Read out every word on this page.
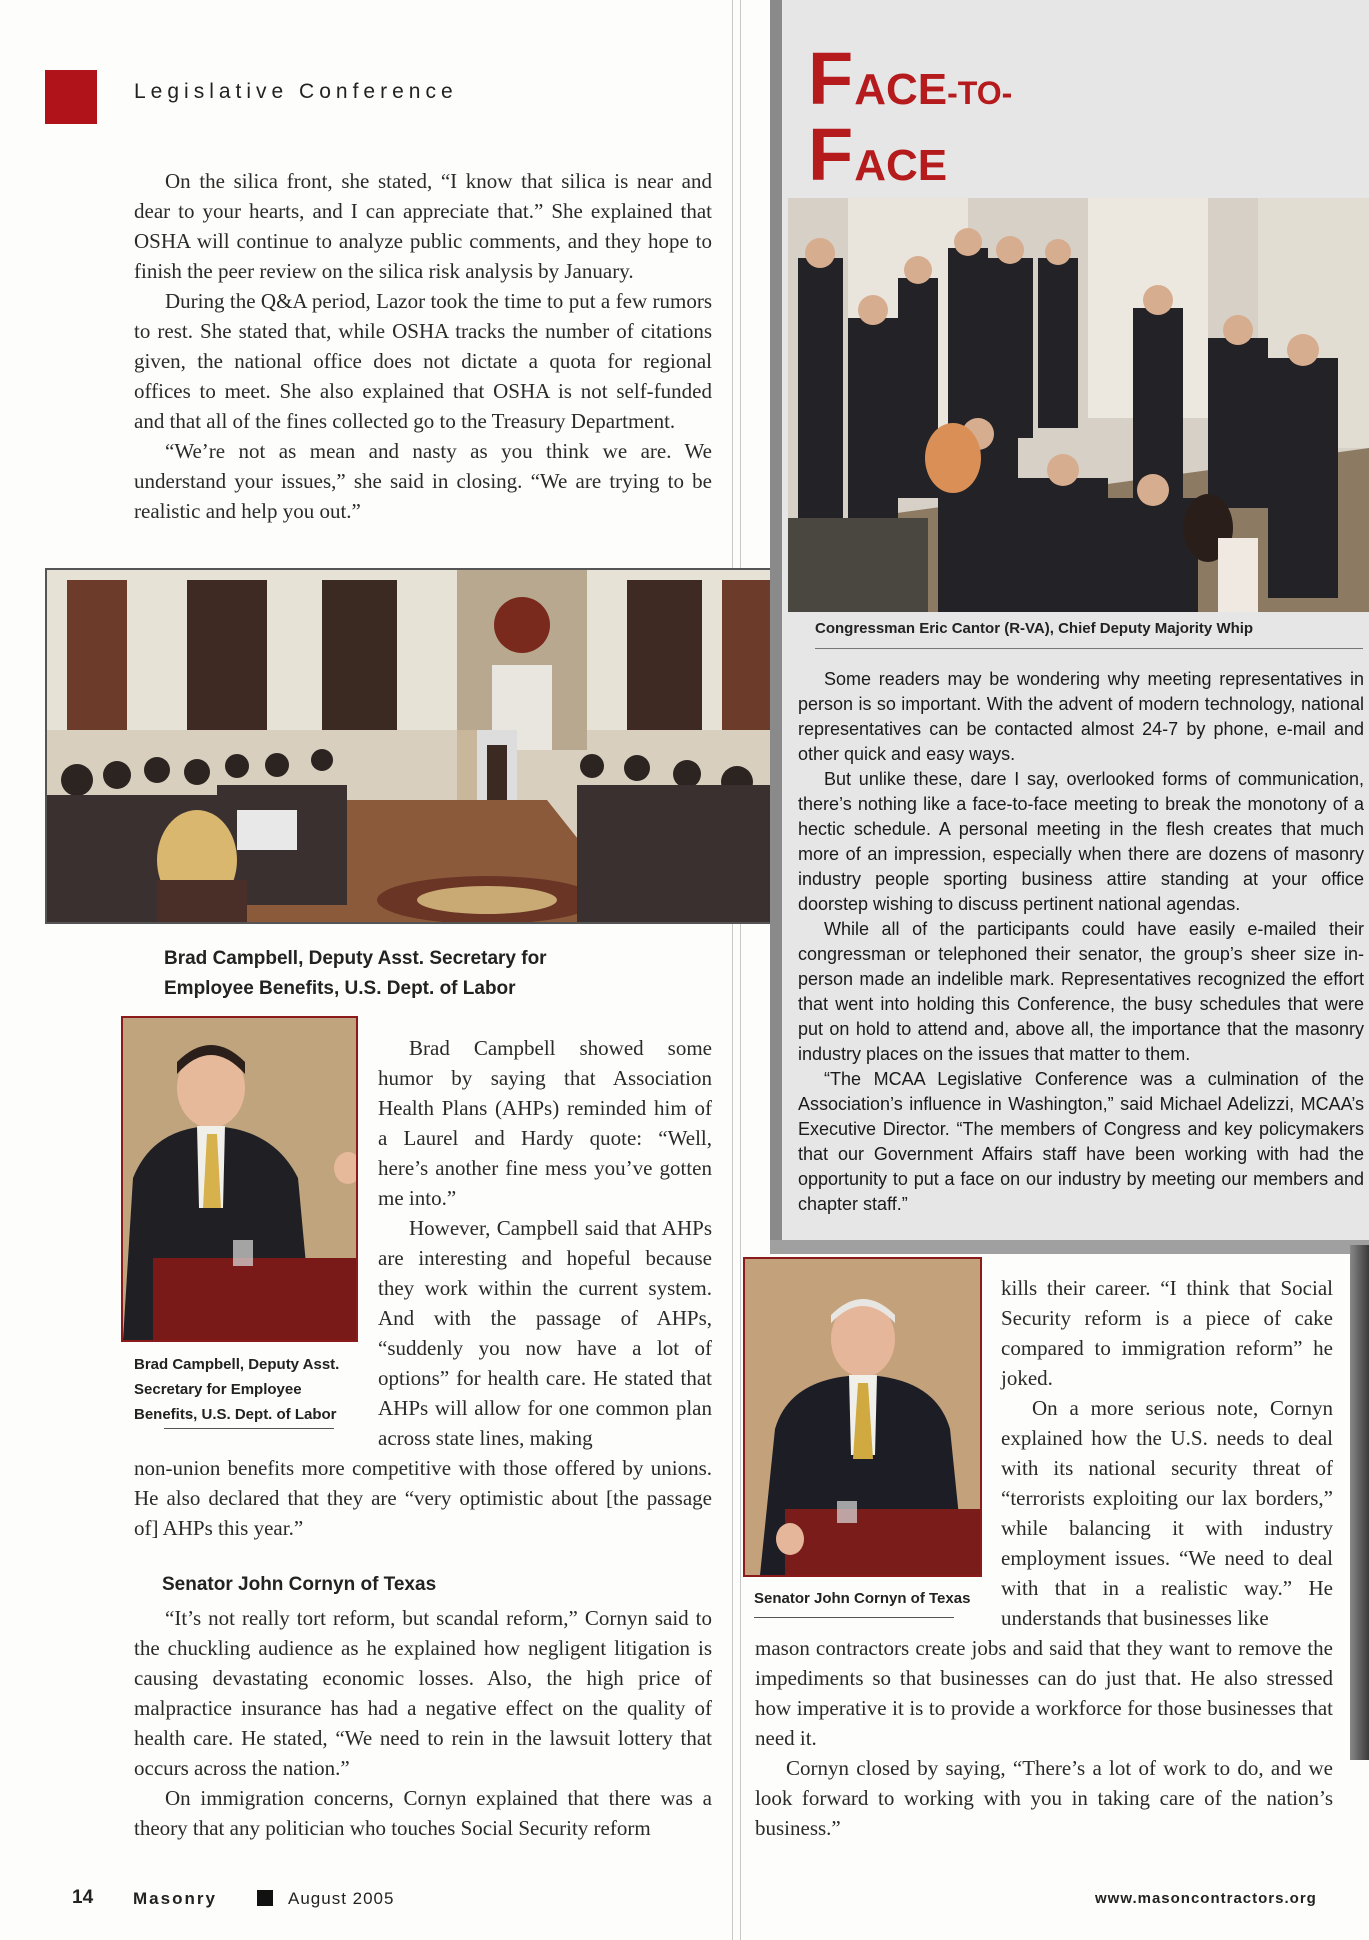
Legislative Conference

On the silica front, she stated, “I know that silica is near and dear to your hearts, and I can appreciate that.” She explained that OSHA will continue to analyze public comments, and they hope to finish the peer review on the silica risk analysis by January.

During the Q&A period, Lazor took the time to put a few rumors to rest. She stated that, while OSHA tracks the number of citations given, the national office does not dictate a quota for regional offices to meet. She also explained that OSHA is not self-funded and that all of the fines collected go to the Treasury Department.

“We’re not as mean and nasty as you think we are. We understand your issues,” she said in closing. “We are trying to be realistic and help you out.”

Brad Campbell, Deputy Asst. Secretary for
Employee Benefits, U.S. Dept. of Labor
Brad Campbell, Deputy Asst. Secretary for Employee Benefits, U.S. Dept. of Labor

Brad Campbell showed some humor by saying that Association Health Plans (AHPs) reminded him of a Laurel and Hardy quote: “Well, here’s another fine mess you’ve gotten me into.”

However, Campbell said that AHPs are interesting and hopeful because they work within the current system. And with the passage of AHPs, “suddenly you now have a lot of options” for health care. He stated that AHPs will allow for one common plan across state lines, making

non-union benefits more competitive with those offered by unions. He also declared that they are “very optimistic about [the passage of] AHPs this year.”

Senator John Cornyn of Texas

“It’s not really tort reform, but scandal reform,” Cornyn said to the chuckling audience as he explained how negligent litigation is causing devastating economic losses. Also, the high price of malpractice insurance has had a negative effect on the quality of health care. He stated, “We need to rein in the lawsuit lottery that occurs across the nation.”

On immigration concerns, Cornyn explained that there was a theory that any politician who touches Social Security reform

FACE-TO-
FACE
Congressman Eric Cantor (R-VA), Chief Deputy Majority Whip

Some readers may be wondering why meeting representatives in person is so important. With the advent of modern technology, national representatives can be contacted almost 24-7 by phone, e-mail and other quick and easy ways.

But unlike these, dare I say, overlooked forms of communication, there’s nothing like a face-to-face meeting to break the monotony of a hectic schedule. A personal meeting in the flesh creates that much more of an impression, especially when there are dozens of masonry industry people sporting business attire standing at your office doorstep wishing to discuss pertinent national agendas.

While all of the participants could have easily e-mailed their congressman or telephoned their senator, the group’s sheer size in-person made an indelible mark. Representatives recognized the effort that went into holding this Conference, the busy schedules that were put on hold to attend and, above all, the importance that the masonry industry places on the issues that matter to them.

“The MCAA Legislative Conference was a culmination of the Association’s influence in Washington,” said Michael Adelizzi, MCAA’s Executive Director. “The members of Congress and key policymakers that our Government Affairs staff have been working with had the opportunity to put a face on our industry by meeting our members and chapter staff.”

Senator John Cornyn of Texas

kills their career. “I think that Social Security reform is a piece of cake compared to immigration reform” he joked.

On a more serious note, Cornyn explained how the U.S. needs to deal with its national security threat of “terrorists exploiting our lax borders,” while balancing it with industry employment issues. “We need to deal with that in a realistic way.” He understands that businesses like

mason contractors create jobs and said that they want to remove the impediments so that businesses can do just that. He also stressed how imperative it is to provide a workforce for those businesses that need it.

Cornyn closed by saying, “There’s a lot of work to do, and we look forward to working with you in taking care of the nation’s business.”

14 Masonry	August 2005	www.masoncontractors.org
